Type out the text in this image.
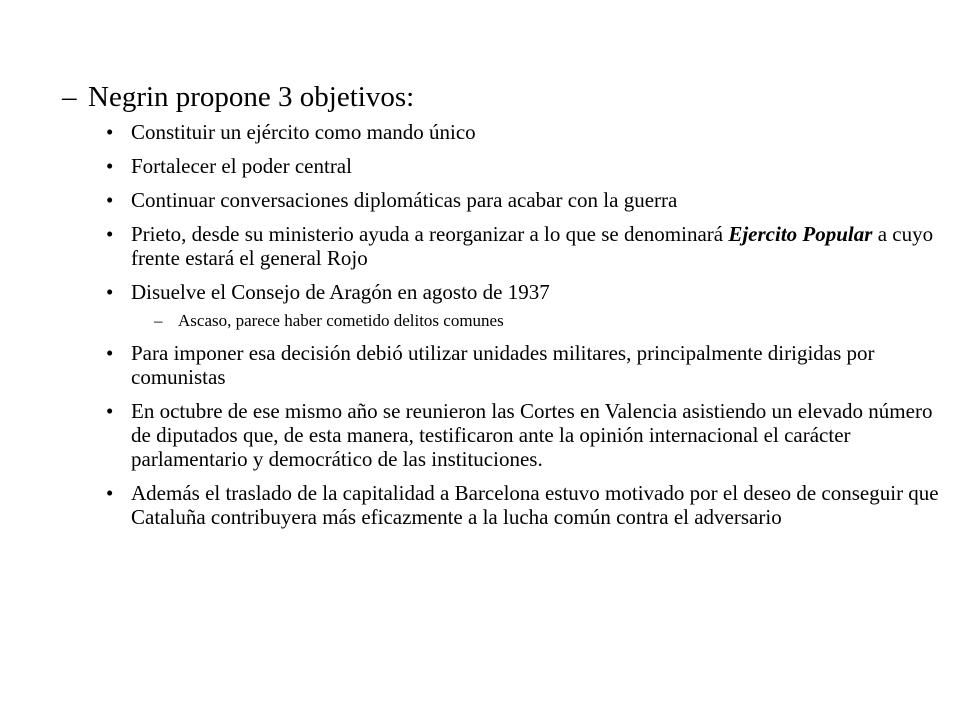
– Negrin propone 3 objetivos:
• Constituir un ejército como mando único
• Fortalecer el poder central
• Continuar conversaciones diplomáticas para acabar con la guerra
• Prieto, desde su ministerio ayuda a reorganizar a lo que se denominará Ejercito Popular a cuyo frente estará el general Rojo
• Disuelve el Consejo de Aragón en agosto de 1937
– Ascaso, parece haber cometido delitos comunes
• Para imponer esa decisión debió utilizar unidades militares, principalmente dirigidas por comunistas
• En octubre de ese mismo año se reunieron las Cortes en Valencia asistiendo un elevado número de diputados que, de esta manera, testificaron ante la opinión internacional el carácter parlamentario y democrático de las instituciones.
• Además el traslado de la capitalidad a Barcelona estuvo motivado por el deseo de conseguir que Cataluña contribuyera más eficazmente a la lucha común contra el adversario
